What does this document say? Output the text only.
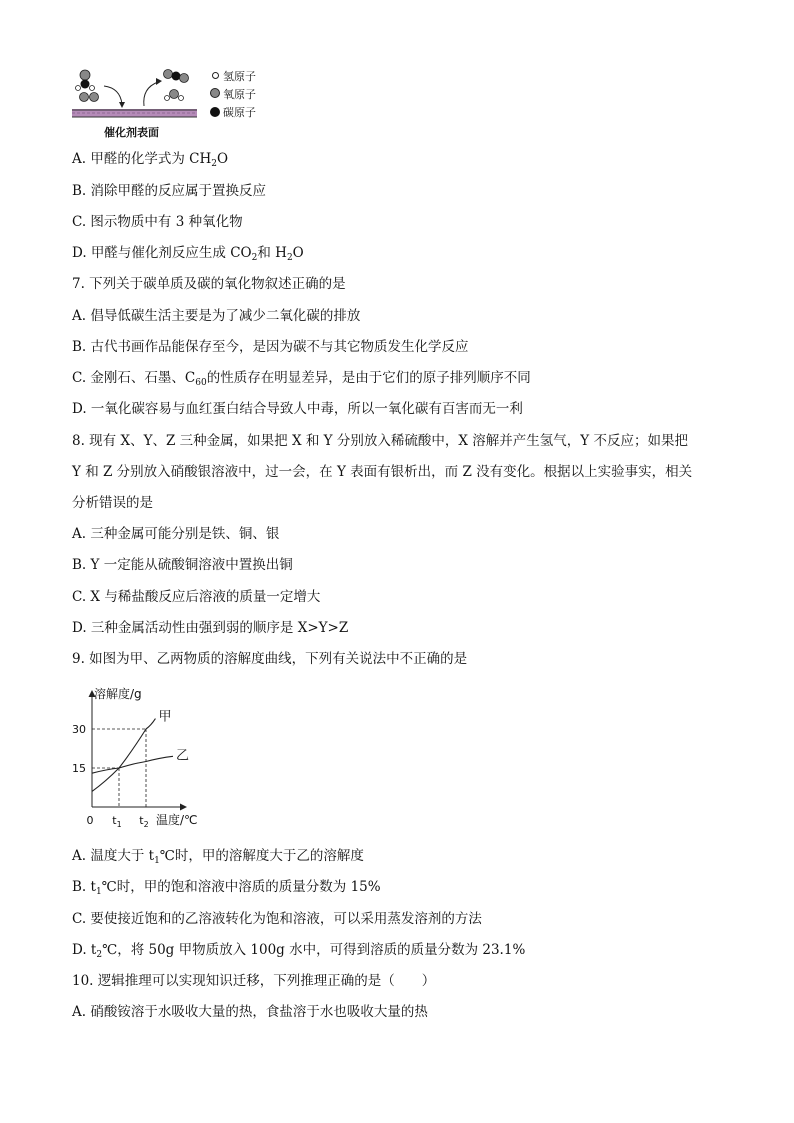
催化剂表面
氢原子
氧原子
碳原子
A. 甲醛的化学式为 $CH_2O$
B. 消除甲醛的反应属于置换反应
C. 图示物质中有 3 种氧化物
D. 甲醛与催化剂反应生成 $CO_2$和 $H_2O$
7. 下列关于碳单质及碳的氧化物叙述正确的是
A. 倡导低碳生活主要是为了减少二氧化碳的排放
B. 古代书画作品能保存至今，是因为碳不与其它物质发生化学反应
C. 金刚石、石墨、$C_{60}$的性质存在明显差异，是由于它们的原子排列顺序不同
D. 一氧化碳容易与血红蛋白结合导致人中毒，所以一氧化碳有百害而无一利
8. 现有 X、Y、Z 三种金属，如果把 X 和 Y 分别放入稀硫酸中，X 溶解并产生氢气，Y 不反应；如果把
Y 和 Z 分别放入硝酸银溶液中，过一会，在 Y 表面有银析出，而 Z 没有变化。根据以上实验事实，相关
分析错误的是
A. 三种金属可能分别是铁、铜、银
B. Y 一定能从硫酸铜溶液中置换出铜
C. X 与稀盐酸反应后溶液的质量一定增大
D. 三种金属活动性由强到弱的顺序是 X>Y>Z
9. 如图为甲、乙两物质的溶解度曲线，下列有关说法中不正确的是
甲
乙
溶解度/g
温度/℃
0
30
15
$t_1$ $t_2$
A. 温度大于 $t_1℃$时，甲的溶解度大于乙的溶解度
B. $t_1℃$时，甲的饱和溶液中溶质的质量分数为 15%
C. 要使接近饱和的乙溶液转化为饱和溶液，可以采用蒸发溶剂的方法
D. $t_2℃$，将 50g 甲物质放入 100g 水中，可得到溶质的质量分数为 23.1%
10. 逻辑推理可以实现知识迁移，下列推理正确的是（　　）
A. 硝酸铵溶于水吸收大量的热，食盐溶于水也吸收大量的热
